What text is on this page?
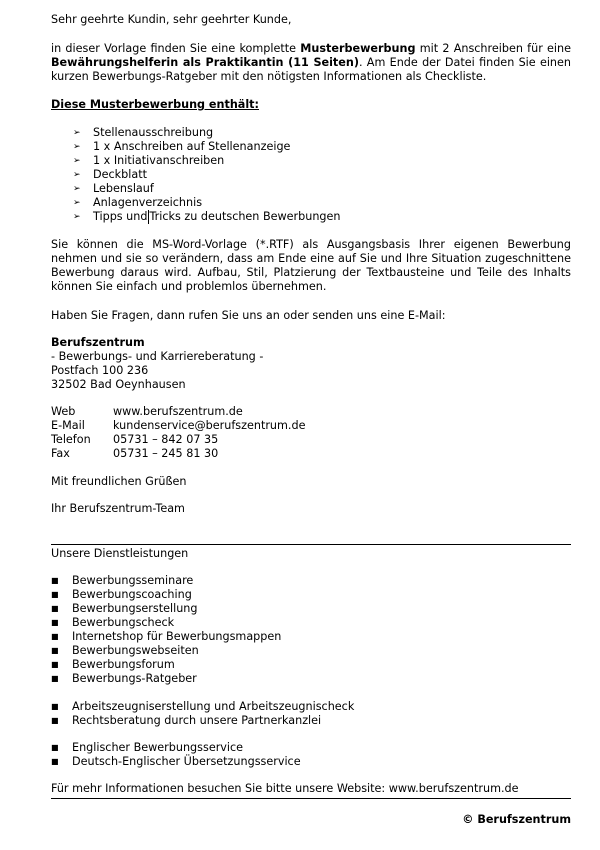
Sehr geehrte Kundin, sehr geehrter Kunde,

in dieser Vorlage finden Sie eine komplette Musterbewerbung mit 2 Anschreiben für eine Bewährungshelferin als Praktikantin (11 Seiten). Am Ende der Datei finden Sie einen kurzen Bewerbungs-Ratgeber mit den nötigsten Informationen als Checkliste.

Diese Musterbewerbung enthält:

➢	Stellenausschreibung
➢	1 x Anschreiben auf Stellenanzeige
➢	1 x Initiativanschreiben
➢	Deckblatt
➢	Lebenslauf
➢	Anlagenverzeichnis
➢	Tipps und Tricks zu deutschen Bewerbungen

Sie können die MS-Word-Vorlage (*.RTF) als Ausgangsbasis Ihrer eigenen Bewerbung nehmen und sie so verändern, dass am Ende eine auf Sie und Ihre Situation zugeschnittene Bewerbung daraus wird. Aufbau, Stil, Platzierung der Textbausteine und Teile des Inhalts können Sie einfach und problemlos übernehmen.

Haben Sie Fragen, dann rufen Sie uns an oder senden uns eine E-Mail:

Berufszentrum
- Bewerbungs- und Karriereberatung -
Postfach 100 236
32502 Bad Oeynhausen
Web	www.berufszentrum.de
E-Mail	kundenservice@berufszentrum.de
Telefon	05731 – 842 07 35
Fax	05731 – 245 81 30

Mit freundlichen Grüßen

Ihr Berufszentrum-Team

Unsere Dienstleistungen

■	Bewerbungsseminare
■	Bewerbungscoaching
■	Bewerbungserstellung
■	Bewerbungscheck
■	Internetshop für Bewerbungsmappen
■	Bewerbungswebseiten
■	Bewerbungsforum
■	Bewerbungs-Ratgeber
■	Arbeitszeugniserstellung und Arbeitszeugnischeck
■	Rechtsberatung durch unsere Partnerkanzlei
■	Englischer Bewerbungsservice
■	Deutsch-Englischer Übersetzungsservice

Für mehr Informationen besuchen Sie bitte unsere Website: www.berufszentrum.de

© Berufszentrum
